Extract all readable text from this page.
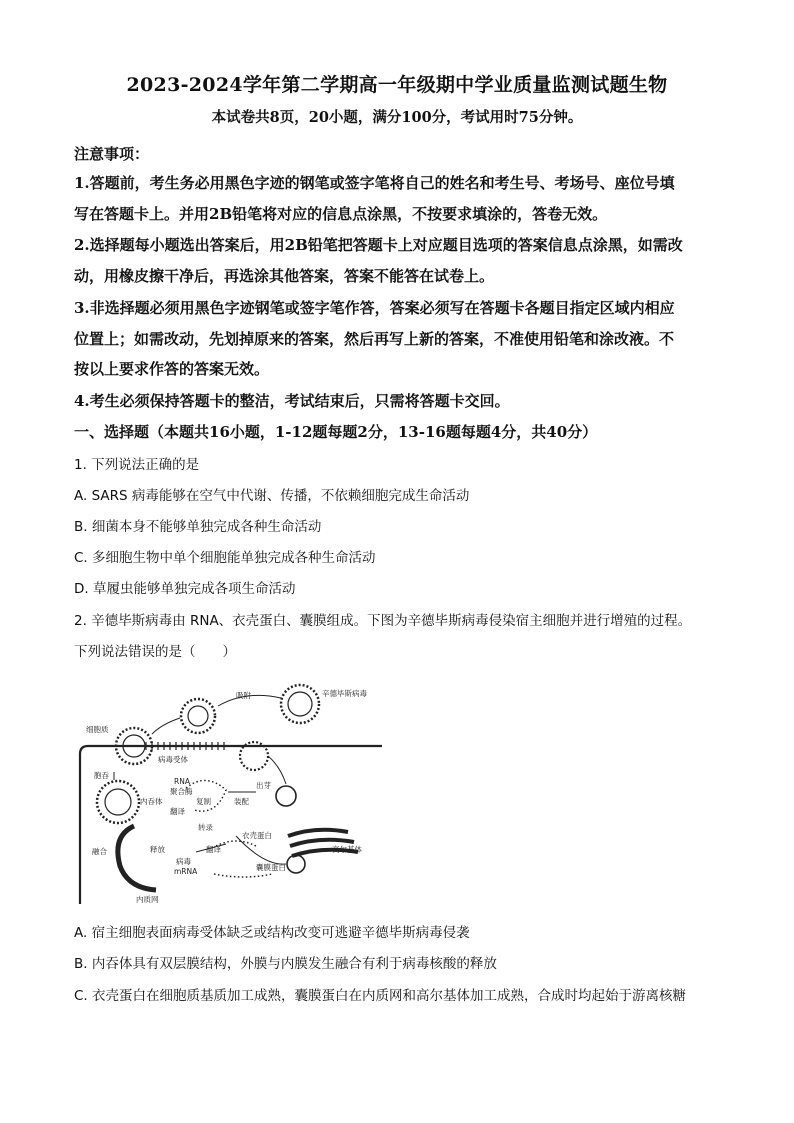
2023-2024学年第二学期高一年级期中学业质量监测试题生物
本试卷共8页，20小题，满分100分，考试用时75分钟。
注意事项：
1.答题前，考生务必用黑色字迹的钢笔或签字笔将自己的姓名和考生号、考场号、座位号填
写在答题卡上。并用2B铅笔将对应的信息点涂黑，不按要求填涂的，答卷无效。
2.选择题每小题选出答案后，用2B铅笔把答题卡上对应题目选项的答案信息点涂黑，如需改
动，用橡皮擦干净后，再选涂其他答案，答案不能答在试卷上。
3.非选择题必须用黑色字迹钢笔或签字笔作答，答案必须写在答题卡各题目指定区域内相应
位置上；如需改动，先划掉原来的答案，然后再写上新的答案，不准使用铅笔和涂改液。不
按以上要求作答的答案无效。
4.考生必须保持答题卡的整洁，考试结束后，只需将答题卡交回。
一、选择题（本题共16小题，1-12题每题2分，13-16题每题4分，共40分）
1. 下列说法正确的是
A. SARS 病毒能够在空气中代谢、传播，不依赖细胞完成生命活动
B. 细菌本身不能够单独完成各种生命活动
C. 多细胞生物中单个细胞能单独完成各种生命活动
D. 草履虫能够单独完成各项生命活动
2. 辛德毕斯病毒由 RNA、衣壳蛋白、囊膜组成。下图为辛德毕斯病毒侵染宿主细胞并进行增殖的过程。
下列说法错误的是（　　）
辛德毕斯病毒
吸附
细胞质
病毒受体
出芽
胞吞
RNA
聚合酶
内吞体
翻译
复制	装配
转录
衣壳蛋白
融合	释放	翻译
病毒
mRNA	囊膜蛋白
高尔基体
内质网
A. 宿主细胞表面病毒受体缺乏或结构改变可逃避辛德毕斯病毒侵袭
B. 内吞体具有双层膜结构，外膜与内膜发生融合有利于病毒核酸的释放
C. 衣壳蛋白在细胞质基质加工成熟，囊膜蛋白在内质网和高尔基体加工成熟，合成时均起始于游离核糖
